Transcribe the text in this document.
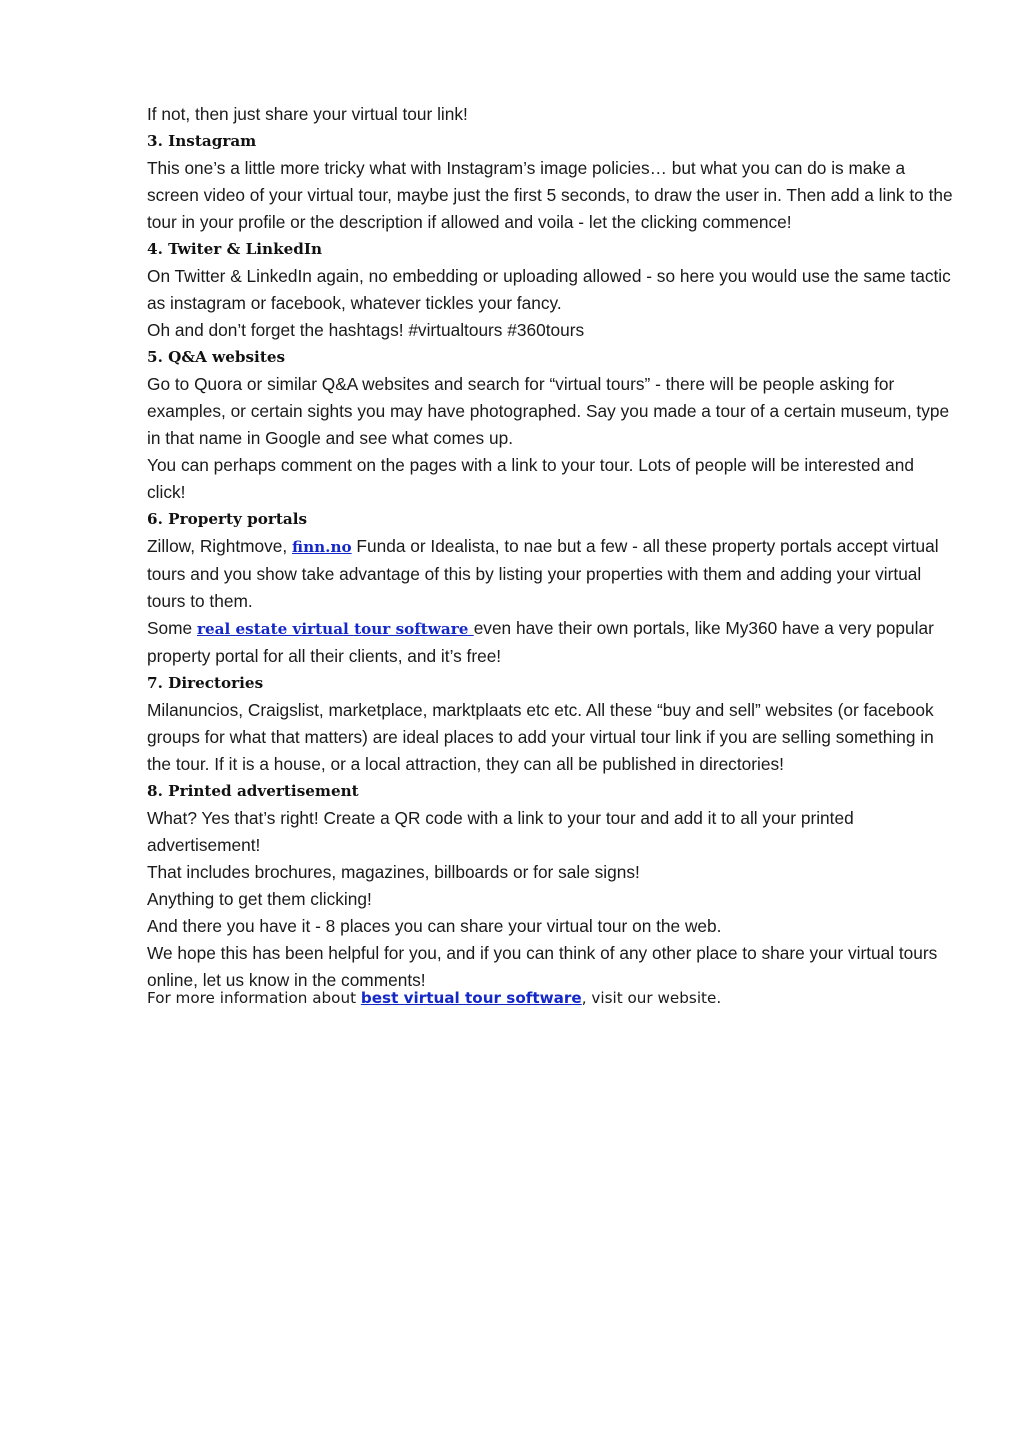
If not, then just share your virtual tour link!

3. Instagram

This one’s a little more tricky what with Instagram’s image policies… but what you can do is make a screen video of your virtual tour, maybe just the first 5 seconds, to draw the user in. Then add a link to the tour in your profile or the description if allowed and voila - let the clicking commence!

4. Twiter & LinkedIn

On Twitter & LinkedIn again, no embedding or uploading allowed - so here you would use the same tactic as instagram or facebook, whatever tickles your fancy.

Oh and don’t forget the hashtags! #virtualtours #360tours

5. Q&A websites

Go to Quora or similar Q&A websites and search for “virtual tours” - there will be people asking for examples, or certain sights you may have photographed. Say you made a tour of a certain museum, type in that name in Google and see what comes up.

You can perhaps comment on the pages with a link to your tour. Lots of people will be interested and click!

6. Property portals

Zillow, Rightmove, finn.no Funda or Idealista, to nae but a few - all these property portals accept virtual tours and you show take advantage of this by listing your properties with them and adding your virtual tours to them.

Some real estate virtual tour software even have their own portals, like My360 have a very popular property portal for all their clients, and it’s free!

7. Directories

Milanuncios, Craigslist, marketplace, marktplaats etc etc. All these “buy and sell” websites (or facebook groups for what that matters) are ideal places to add your virtual tour link if you are selling something in the tour. If it is a house, or a local attraction, they can all be published in directories!

8. Printed advertisement

What? Yes that’s right! Create a QR code with a link to your tour and add it to all your printed advertisement!

That includes brochures, magazines, billboards or for sale signs!

Anything to get them clicking!

And there you have it - 8 places you can share your virtual tour on the web.

We hope this has been helpful for you, and if you can think of any other place to share your virtual tours online, let us know in the comments!

For more information about best virtual tour software, visit our website.
